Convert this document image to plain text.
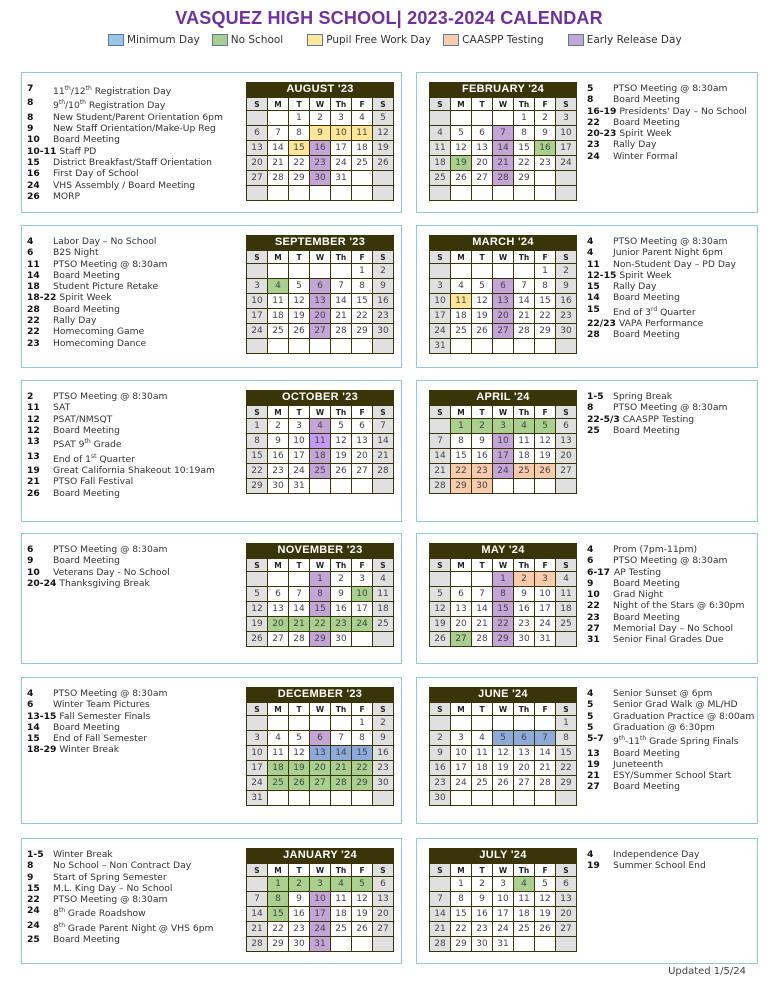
VASQUEZ HIGH SCHOOL| 2023-2024 CALENDAR
Minimum Day	No School	Pupil Free Work Day	CAASPP Testing	Early Release Day
7	11th/12th Registration Day
8	9th/10th Registration Day
8	New Student/Parent Orientation 6pm
9	New Staff Orientation/Make-Up Reg
10	Board Meeting
10-11 Staff PD
15	District Breakfast/Staff Orientation
16	First Day of School
24	VHS Assembly / Board Meeting
26	MORP
AUGUST '23
S	M	T	W	Th	F	S
		1	2	3	4	5
6	7	8	9	10	11	12
13	14	15	16	17	18	19
20	21	22	23	24	25	26
27	28	29	30	31		

5	PTSO Meeting @ 8:30am
8	Board Meeting
16-19 Presidents' Day – No School
22	Board Meeting
20-23 Spirit Week
23	Rally Day
24	Winter Formal
FEBRUARY '24
S	M	T	W	Th	F	S
				1	2	3
4	5	6	7	8	9	10
11	12	13	14	15	16	17
18	19	20	21	22	23	24
25	26	27	28	29		

4	Labor Day – No School
6	B2S Night
11	PTSO Meeting @ 8:30am
14	Board Meeting
18	Student Picture Retake
18-22 Spirit Week
28	Board Meeting
22	Rally Day
22	Homecoming Game
23	Homecoming Dance
SEPTEMBER '23
S	M	T	W	Th	F	S
					1	2
3	4	5	6	7	8	9
10	11	12	13	14	15	16
17	18	19	20	21	22	23
24	25	26	27	28	29	30

4	PTSO Meeting @ 8:30am
4	Junior Parent Night 6pm
11	Non-Student Day – PD Day
12-15 Spirit Week
15	Rally Day
14	Board Meeting
15	End of 3rd Quarter
22/23 VAPA Performance
28	Board Meeting
MARCH '24
S	M	T	W	Th	F	S
					1	2
3	4	5	6	7	8	9
10	11	12	13	14	15	16
17	18	19	20	21	22	23
24	25	26	27	28	29	30
31						
2	PTSO Meeting @ 8:30am
11	SAT
12	PSAT/NMSQT
12	Board Meeting
13	PSAT 9th Grade
13	End of 1st Quarter
19	Great California Shakeout 10:19am
21	PTSO Fall Festival
26	Board Meeting
OCTOBER '23
S	M	T	W	Th	F	S
1	2	3	4	5	6	7
8	9	10	11	12	13	14
15	16	17	18	19	20	21
22	23	24	25	26	27	28
29	30	31				
1-5	Spring Break
8	PTSO Meeting @ 8:30am
22-5/3 CAASPP Testing
25	Board Meeting
APRIL '24
S	M	T	W	Th	F	S
	1	2	3	4	5	6
7	8	9	10	11	12	13
14	15	16	17	18	19	20
21	22	23	24	25	26	27
28	29	30				
6	PTSO Meeting @ 8:30am
9	Board Meeting
10	Veterans Day - No School
20-24 Thanksgiving Break
NOVEMBER '23
S	M	T	W	Th	F	S
			1	2	3	4
5	6	7	8	9	10	11
12	13	14	15	16	17	18
19	20	21	22	23	24	25
26	27	28	29	30		
4	Prom (7pm-11pm)
6	PTSO Meeting @ 8:30am
6-17 AP Testing
9	Board Meeting
10	Grad Night
22	Night of the Stars @ 6:30pm
23	Board Meeting
27	Memorial Day – No School
31	Senior Final Grades Due
MAY '24
S	M	T	W	Th	F	S
			1	2	3	4
5	6	7	8	9	10	11
12	13	14	15	16	17	18
19	20	21	22	23	24	25
26	27	28	29	30	31	
4	PTSO Meeting @ 8:30am
6	Winter Team Pictures
13-15 Fall Semester Finals
14	Board Meeting
15	End of Fall Semester
18-29 Winter Break
DECEMBER '23
S	M	T	W	Th	F	S
					1	2
3	4	5	6	7	8	9
10	11	12	13	14	15	16
17	18	19	20	21	22	23
24	25	26	27	28	29	30
31						
4	Senior Sunset @ 6pm
5	Senior Grad Walk @ ML/HD
5	Graduation Practice @ 8:00am
5	Graduation @ 6:30pm
5-7	9th-11th Grade Spring Finals
13	Board Meeting
19	Juneteenth
21	ESY/Summer School Start
27	Board Meeting
JUNE '24
S	M	T	W	Th	F	S
						1
2	3	4	5	6	7	8
9	10	11	12	13	14	15
16	17	18	19	20	21	22
23	24	25	26	27	28	29
30						
1-5	Winter Break
8	No School – Non Contract Day
9	Start of Spring Semester
15	M.L. King Day – No School
22	PTSO Meeting @ 8:30am
24	8th Grade Roadshow
24	8th Grade Parent Night @ VHS 6pm
25	Board Meeting
JANUARY '24
S	M	T	W	Th	F	S
	1	2	3	4	5	6
7	8	9	10	11	12	13
14	15	16	17	18	19	20
21	22	23	24	25	26	27
28	29	30	31			
4	Independence Day
19	Summer School End
JULY '24
S	M	T	W	Th	F	S
	1	2	3	4	5	6
7	8	9	10	11	12	13
14	15	16	17	18	19	20
21	22	23	24	25	26	27
28	29	30	31			
Updated 1/5/24
